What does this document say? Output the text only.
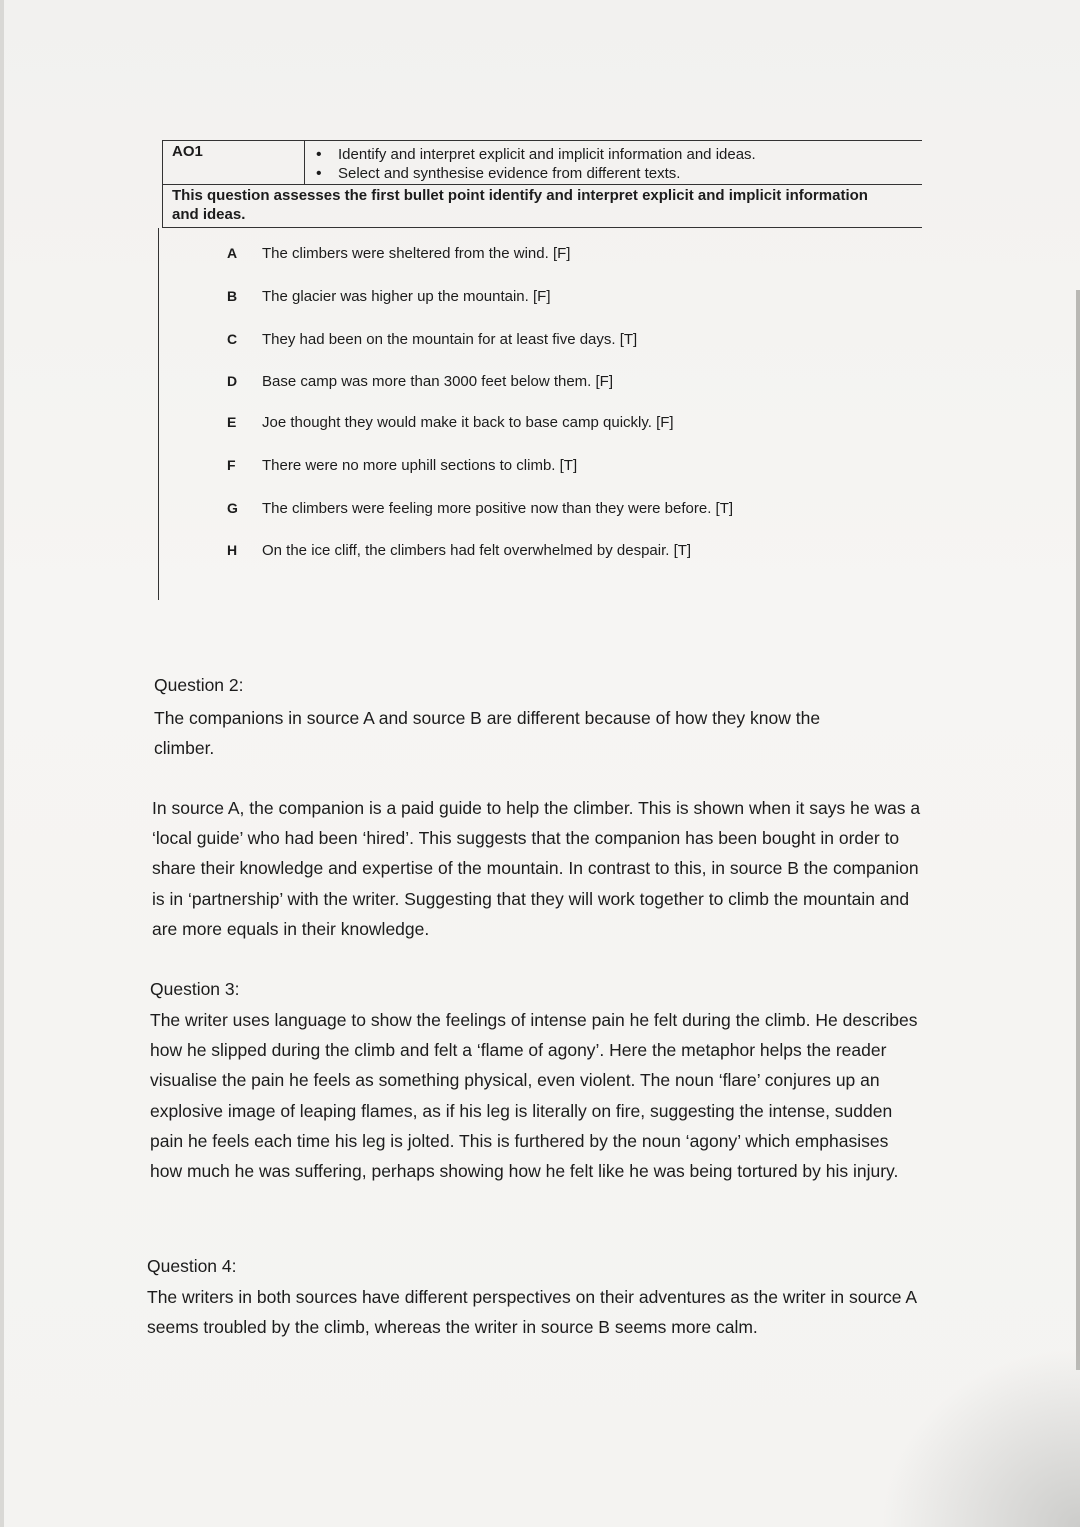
AO1
•	Identify and interpret explicit and implicit information and ideas.
• Select and synthesise evidence from different texts.
This question assesses the first bullet point identify and interpret explicit and implicit information and ideas.
A	The climbers were sheltered from the wind. [F]
B	The glacier was higher up the mountain. [F]
C	They had been on the mountain for at least five days. [T]
D	Base camp was more than 3000 feet below them. [F]
E	Joe thought they would make it back to base camp quickly. [F]
F	There were no more uphill sections to climb. [T]
G	The climbers were feeling more positive now than they were before. [T]
H	On the ice cliff, the climbers had felt overwhelmed by despair. [T]
Question 2:
The companions in source A and source B are different because of how they know the climber.
In source A, the companion is a paid guide to help the climber. This is shown when it says he was a ‘local guide’ who had been ‘hired’. This suggests that the companion has been bought in order to share their knowledge and expertise of the mountain. In contrast to this, in source B the companion is in ‘partnership’ with the writer. Suggesting that they will work together to climb the mountain and are more equals in their knowledge.
Question 3:
The writer uses language to show the feelings of intense pain he felt during the climb. He describes how he slipped during the climb and felt a ‘flame of agony’. Here the metaphor helps the reader visualise the pain he feels as something physical, even violent. The noun ‘flare’ conjures up an explosive image of leaping flames, as if his leg is literally on fire, suggesting the intense, sudden pain he feels each time his leg is jolted. This is furthered by the noun ‘agony’ which emphasises how much he was suffering, perhaps showing how he felt like he was being tortured by his injury.
Question 4:
The writers in both sources have different perspectives on their adventures as the writer in source A seems troubled by the climb, whereas the writer in source B seems more calm.
